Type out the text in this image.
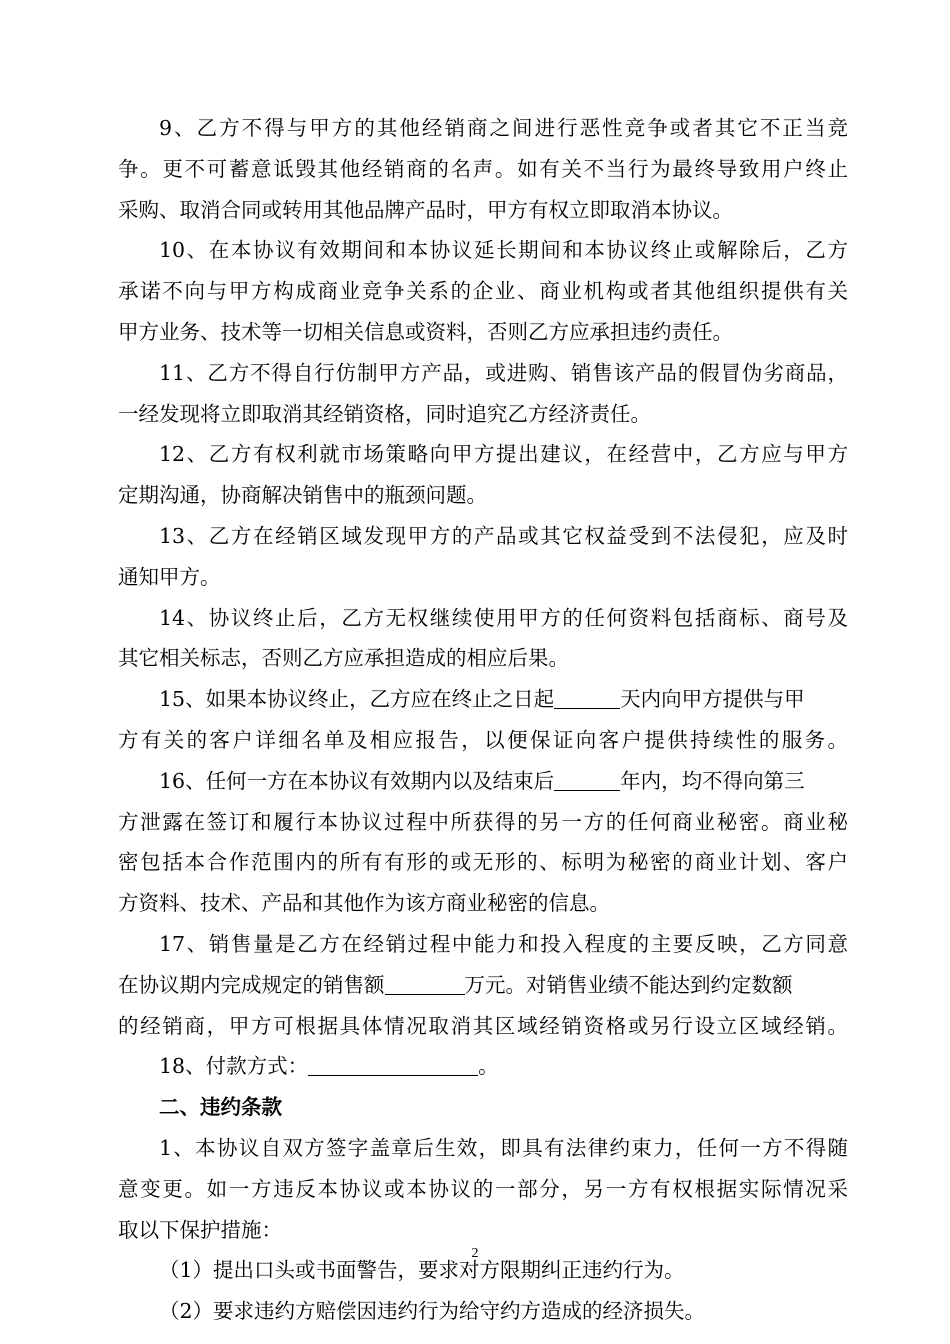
9、乙方不得与甲方的其他经销商之间进行恶性竞争或者其它不正当竞
争。更不可蓄意诋毁其他经销商的名声。如有关不当行为最终导致用户终止
采购、取消合同或转用其他品牌产品时，甲方有权立即取消本协议。
10、在本协议有效期间和本协议延长期间和本协议终止或解除后，乙方
承诺不向与甲方构成商业竞争关系的企业、商业机构或者其他组织提供有关
甲方业务、技术等一切相关信息或资料，否则乙方应承担违约责任。
11、乙方不得自行仿制甲方产品，或进购、销售该产品的假冒伪劣商品，
一经发现将立即取消其经销资格，同时追究乙方经济责任。
12、乙方有权利就市场策略向甲方提出建议，在经营中，乙方应与甲方
定期沟通，协商解决销售中的瓶颈问题。
13、乙方在经销区域发现甲方的产品或其它权益受到不法侵犯，应及时
通知甲方。
14、协议终止后，乙方无权继续使用甲方的任何资料包括商标、商号及
其它相关标志，否则乙方应承担造成的相应后果。
15、如果本协议终止，乙方应在终止之日起	天内向甲方提供与甲
方有关的客户详细名单及相应报告，以便保证向客户提供持续性的服务。
16、任何一方在本协议有效期内以及结束后	年内，均不得向第三
方泄露在签订和履行本协议过程中所获得的另一方的任何商业秘密。商业秘
密包括本合作范围内的所有有形的或无形的、标明为秘密的商业计划、客户
方资料、技术、产品和其他作为该方商业秘密的信息。
17、销售量是乙方在经销过程中能力和投入程度的主要反映，乙方同意
在协议期内完成规定的销售额	万元。对销售业绩不能达到约定数额
的经销商，甲方可根据具体情况取消其区域经销资格或另行设立区域经销。
18、付款方式：	。
二、违约条款
1、本协议自双方签字盖章后生效，即具有法律约束力，任何一方不得随
意变更。如一方违反本协议或本协议的一部分，另一方有权根据实际情况采
取以下保护措施：
（1）提出口头或书面警告，要求对方限期纠正违约行为。
（2）要求违约方赔偿因违约行为给守约方造成的经济损失。
2
